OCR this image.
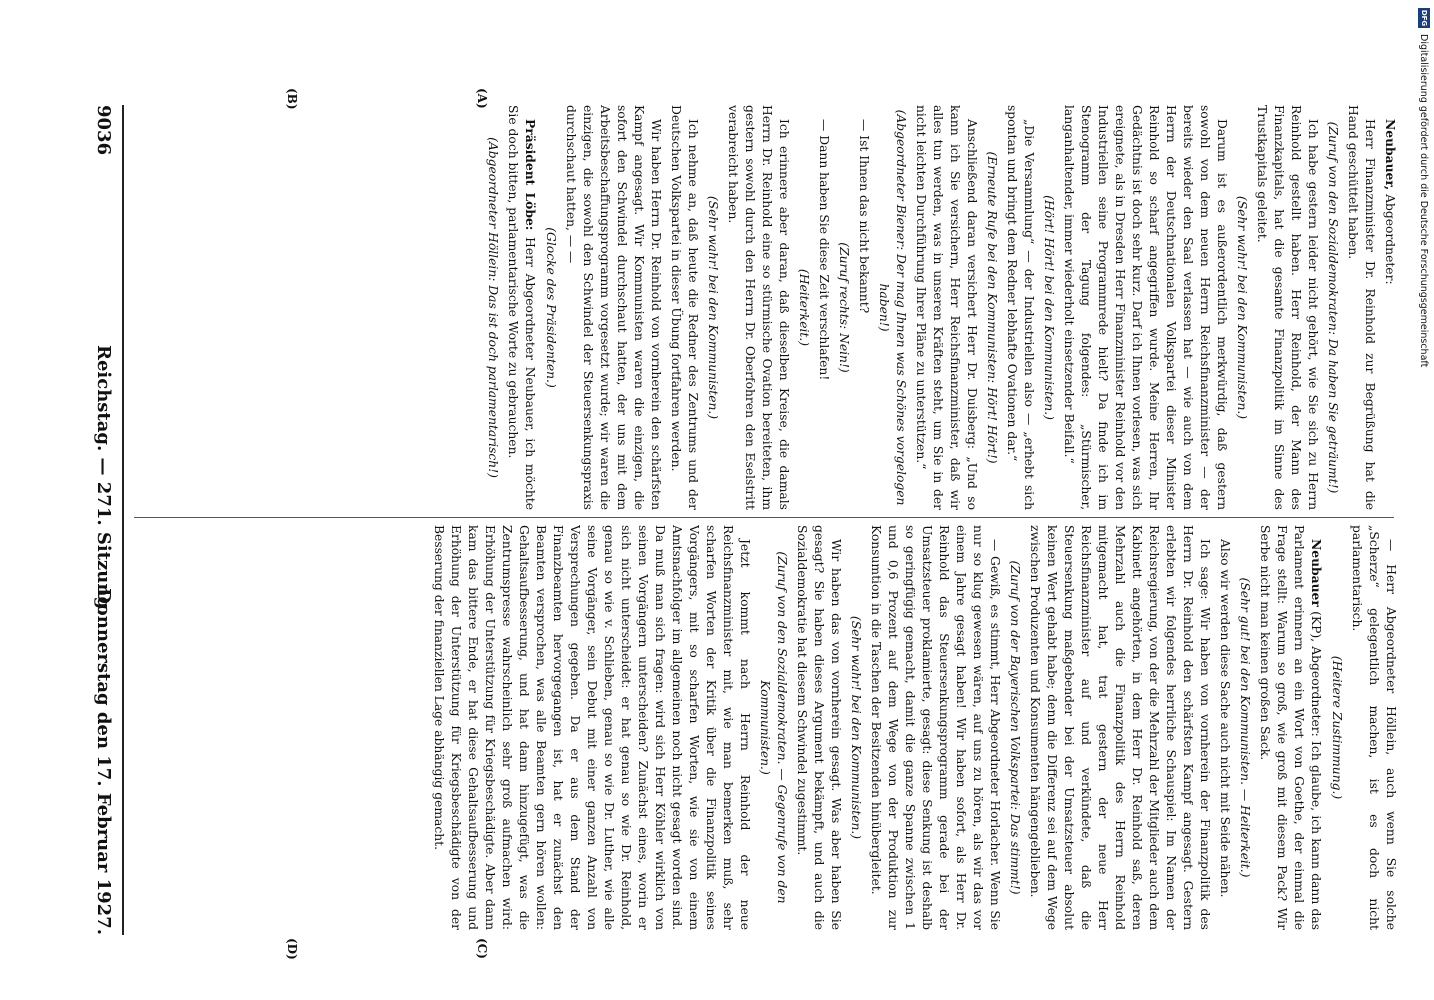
DFG
Digitalisierung gefördert durch die Deutsche Forschungsgemeinschaft
9036
Reichstag. — 271. Sitzung.
Donnerstag den 17. Februar 1927.
(A)
(B)
(C)
(D)

Neubauer, Abgeordneter:

Herr Finanzminister Dr. Reinhold zur Begrüßung hat die Hand geschüttelt haben.

(Zuruf von den Sozialdemokraten: Da haben Sie geträumt!)

Ich habe gestern leider nicht gehört, wie Sie sich zu Herrn Reinhold gestellt haben. Herr Reinhold, der Mann des Finanzkapitals, hat die gesamte Finanzpolitik im Sinne des Trustkapitals geleitet.

(Sehr wahr! bei den Kommunisten.)

Darum ist es außerordentlich merkwürdig, daß gestern sowohl von dem neuen Herrn Reichsfinanzminister — der bereits wieder den Saal verlassen hat — wie auch von dem Herrn der Deutschnationalen Volkspartei dieser Minister Reinhold so scharf angegriffen wurde. Meine Herren, Ihr Gedächtnis ist doch sehr kurz. Darf ich Ihnen vorlesen, was sich ereignete, als in Dresden Herr Finanzminister Reinhold vor den Industriellen seine Programmrede hielt? Da finde ich im Stenogramm der Tagung folgendes: „Stürmischer, langanhaltender, immer wiederholt einsetzender Beifall.“

(Hört! Hört! bei den Kommunisten.)

„Die Versammlung“ — der Industriellen also — „erhebt sich spontan und bringt dem Redner lebhafte Ovationen dar.“

(Erneute Rufe bei den Kommunisten: Hört! Hört!)

Anschließend daran versichert Herr Dr. Duisberg: „Und so kann ich Sie versichern, Herr Reichsfinanzminister, daß wir alles tun werden, was in unseren Kräften steht, um Sie in der nicht leichten Durchführung Ihrer Pläne zu unterstützen.“

(Abgeordneter Biener: Der mag Ihnen was Schönes vorgelogen haben!)

— Ist Ihnen das nicht bekannt?

(Zuruf rechts: Nein!)

— Dann haben Sie diese Zeit verschlafen!

(Heiterkeit.)

Ich erinnere aber daran, daß dieselben Kreise, die damals Herrn Dr. Reinhold eine so stürmische Ovation bereiteten, ihm gestern sowohl durch den Herrn Dr. Oberfohren den Eselstritt verabreicht haben.

(Sehr wahr! bei den Kommunisten.)

Ich nehme an, daß heute die Redner des Zentrums und der Deutschen Volkspartei in dieser Übung fortfahren werden.

Wir haben Herrn Dr. Reinhold von vornherein den schärfsten Kampf angesagt. Wir Kommunisten waren die einzigen, die sofort den Schwindel durchschaut hatten, der uns mit dem Arbeitsbeschaffungsprogramm vorgesetzt wurde; wir waren die einzigen, die sowohl den Schwindel der Steuersenkungspraxis durchschaut hatten, — —

(Glocke des Präsidenten.)

Präsident Löbe: Herr Abgeordneter Neubauer, ich möchte Sie doch bitten, parlamentarische Worte zu gebrauchen.

(Abgeordneter Höllein: Das ist doch parlamentarisch!)

— Herr Abgeordneter Höllein, auch wenn Sie solche „Scherze“ gelegentlich machen, ist es doch nicht parlamentarisch.

(Heitere Zustimmung.)

Neubauer (KP), Abgeordneter: Ich glaube, ich kann dann das Parlament erinnern an ein Wort von Goethe, der einmal die Frage stellt: Warum so groß, wie groß mit diesem Pack? Wir Serbe nicht man keinen großen Sack.

(Sehr gut! bei den Kommunisten. — Heiterkeit.)

Also wir werden diese Sache auch nicht mit Seide nähen.

Ich sage: Wir haben von vornherein der Finanzpolitik des Herrn Dr. Reinhold den schärfsten Kampf angesagt. Gestern erlebten wir folgendes herrliche Schauspiel: Im Namen der Reichsregierung, von der die Mehrzahl der Mitglieder auch dem Kabinett angehörten, in dem Herr Dr. Reinhold saß, deren Mehrzahl auch die Finanzpolitik des Herrn Reinhold mitgemacht hat, trat gestern der neue Herr Reichsfinanzminister auf und verkündete, daß die Steuersenkung maßgebender bei der Umsatzsteuer absolut keinen Wert gehabt habe; denn die Differenz sei auf dem Wege zwischen Produzenten und Konsumenten hängengeblieben.

(Zuruf von der Bayerischen Volkspartei: Das stimmt!)

— Gewiß, es stimmt, Herr Abgeordneter Horlacher. Wenn Sie nur so klug gewesen wären, auf uns zu hören, als wir das vor einem Jahre gesagt haben! Wir haben sofort, als Herr Dr. Reinhold das Steuersenkungsprogramm gerade bei der Umsatzsteuer proklamierte, gesagt: diese Senkung ist deshalb so geringfügig gemacht, damit die ganze Spanne zwischen 1 und 0,6 Prozent auf dem Wege von der Produktion zur Konsumtion in die Taschen der Besitzenden hinübergleitet.

(Sehr wahr! bei den Kommunisten.)

Wir haben das von vornherein gesagt. Was aber haben Sie gesagt? Sie haben dieses Argument bekämpft, und auch die Sozialdemokratie hat diesem Schwindel zugestimmt.

(Zuruf von den Sozialdemokraten. — Gegenrufe von den Kommunisten.)

Jetzt kommt nach Herrn Reinhold der neue Reichsfinanzminister mit, wie man bemerken muß, sehr scharfen Worten der Kritik über die Finanzpolitik seines Vorgängers, mit so scharfen Worten, wie sie von einem Amtsnachfolger im allgemeinen noch nicht gesagt worden sind. Da muß man sich fragen: wird sich Herr Köhler wirklich von seinen Vorgängern unterscheiden? Zunächst eines, worin er sich nicht unterscheidet: er hat genau so wie Dr. Reinhold, genau so wie v. Schlieben, genau so wie Dr. Luther, wie alle seine Vorgänger, sein Debut mit einer ganzen Anzahl von Versprechungen gegeben. Da er aus dem Stand der Finanzbeamten hervorgegangen ist, hat er zunächst den Beamten versprochen, was alle Beamten gern hören wollen: Gehaltsaufbesserung, und hat dann hinzugefügt, was die Zentrumspresse wahrscheinlich sehr groß aufmachen wird: Erhöhung der Unterstützung für Kriegsbeschädigte. Aber dann kam das bittere Ende, er hat diese Gehaltsaufbesserung und Erhöhung der Unterstützung für Kriegsbeschädigte von der Besserung der finanziellen Lage abhängig gemacht.
